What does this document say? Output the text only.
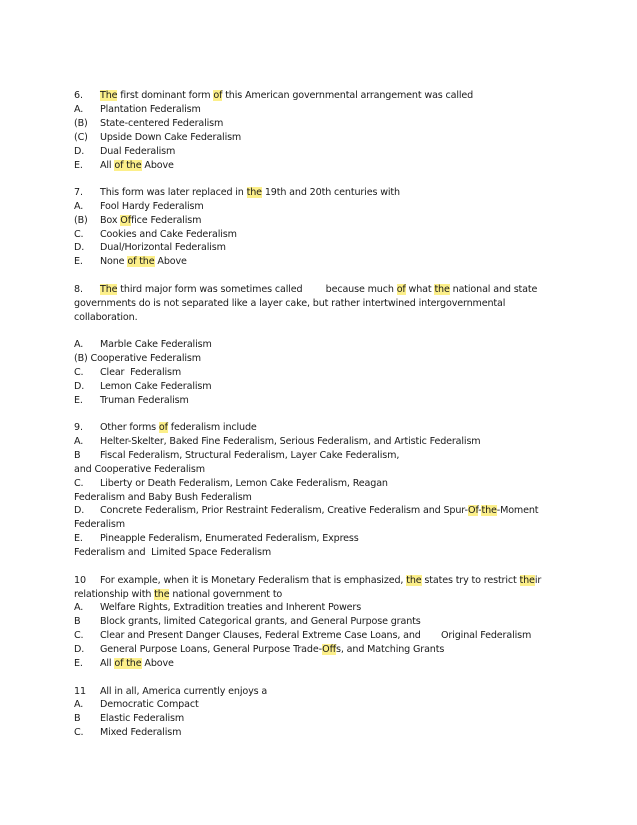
6. The first dominant form of this American governmental arrangement was called
A. Plantation Federalism
(B) State-centered Federalism
(C) Upside Down Cake Federalism
D. Dual Federalism
E. All of the Above
7. This form was later replaced in the 19th and 20th centuries with
A. Fool Hardy Federalism
(B) Box Office Federalism
C. Cookies and Cake Federalism
D. Dual/Horizontal Federalism
E. None of the Above
8. The third major form was sometimes called        because much of what the national and state
governments do is not separated like a layer cake, but rather intertwined intergovernmental
collaboration.
A. Marble Cake Federalism
(B) Cooperative Federalism
C. Clear  Federalism
D. Lemon Cake Federalism
E. Truman Federalism
9. Other forms of federalism include
A. Helter-Skelter, Baked Fine Federalism, Serious Federalism, and Artistic Federalism
B Fiscal Federalism, Structural Federalism, Layer Cake Federalism,
and Cooperative Federalism
C. Liberty or Death Federalism, Lemon Cake Federalism, Reagan
Federalism and Baby Bush Federalism
D. Concrete Federalism, Prior Restraint Federalism, Creative Federalism and Spur-Of-the-Moment
Federalism
E. Pineapple Federalism, Enumerated Federalism, Express
Federalism and  Limited Space Federalism
10 For example, when it is Monetary Federalism that is emphasized, the states try to restrict their
relationship with the national government to
A. Welfare Rights, Extradition treaties and Inherent Powers
B Block grants, limited Categorical grants, and General Purpose grants
C. Clear and Present Danger Clauses, Federal Extreme Case Loans, and       Original Federalism
D. General Purpose Loans, General Purpose Trade-Offs, and Matching Grants
E. All of the Above
11 All in all, America currently enjoys a
A. Democratic Compact
B Elastic Federalism
C. Mixed Federalism
